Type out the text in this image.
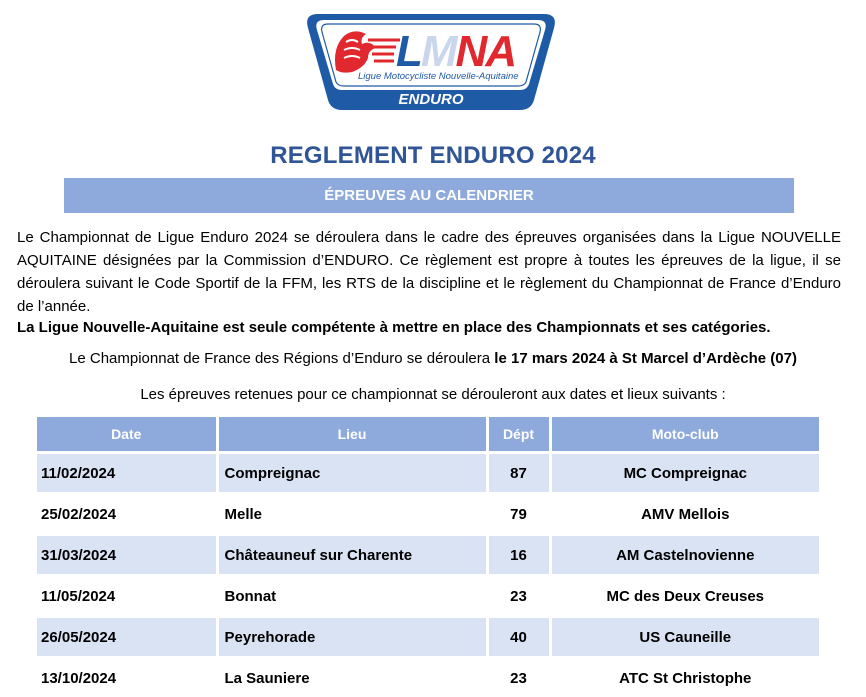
LMNA
Ligue Motocycliste Nouvelle-Aquitaine
ENDURO
REGLEMENT ENDURO 2024
ÉPREUVES AU CALENDRIER
Le Championnat de Ligue Enduro 2024 se déroulera dans le cadre des épreuves organisées dans la Ligue NOUVELLE AQUITAINE désignées par la Commission d’ENDURO. Ce règlement est propre à toutes les épreuves de la ligue, il se déroulera suivant le Code Sportif de la FFM, les RTS de la discipline et le règlement du Championnat de France d’Enduro de l’année.
La Ligue Nouvelle-Aquitaine est seule compétente à mettre en place des Championnats et ses catégories.
Le Championnat de France des Régions d’Enduro se déroulera le 17 mars 2024 à St Marcel d’Ardèche (07)
Les épreuves retenues pour ce championnat se dérouleront aux dates et lieux suivants :
Date	Lieu	Dépt	Moto-club
11/02/2024	Compreignac	87	MC Compreignac
25/02/2024	Melle	79	AMV Mellois
31/03/2024	Châteauneuf sur Charente	16	AM Castelnovienne
11/05/2024	Bonnat	23	MC des Deux Creuses
26/05/2024	Peyrehorade	40	US Cauneille
13/10/2024	La Sauniere	23	ATC St Christophe
